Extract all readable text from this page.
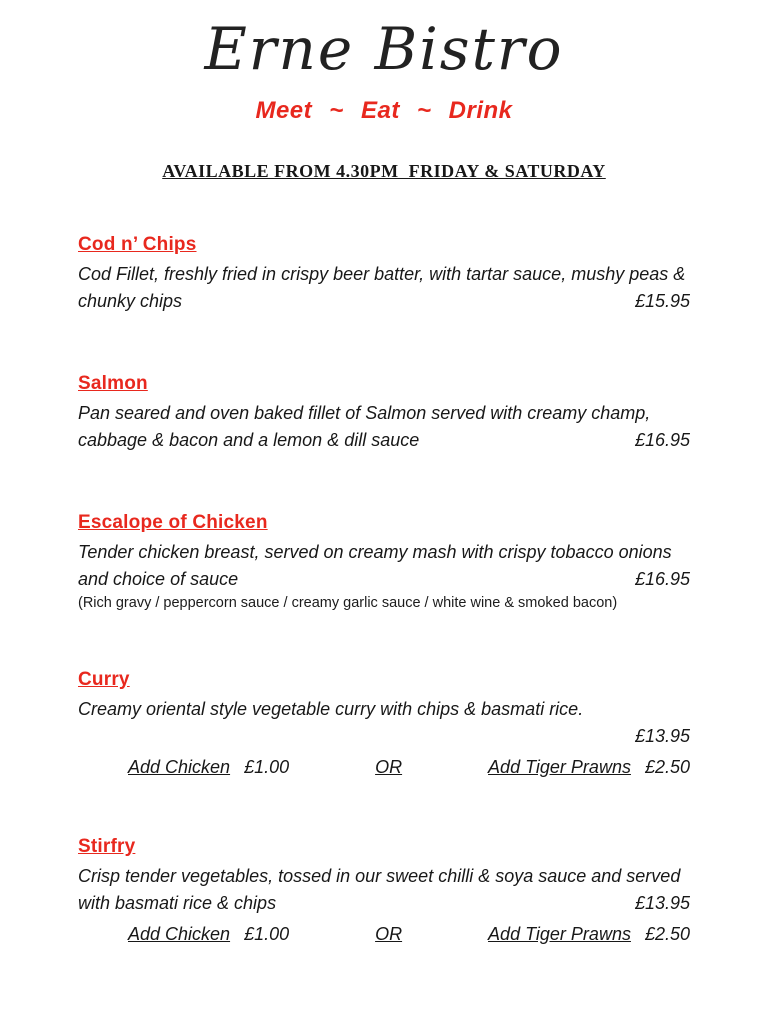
Erne Bistro
Meet ~ Eat ~ Drink
AVAILABLE FROM 4.30PM  FRIDAY & SATURDAY
Cod n’ Chips

Cod Fillet, freshly fried in crispy beer batter, with tartar sauce, mushy peas & chunky chips	£15.95
Salmon

Pan seared and oven baked fillet of Salmon served with creamy champ, cabbage & bacon and a lemon & dill sauce	£16.95
Escalope of Chicken

Tender chicken breast, served on creamy mash with crispy tobacco onions and choice of sauce	£16.95

(Rich gravy / peppercorn sauce / creamy garlic sauce / white wine & smoked bacon)

Curry

Creamy oriental style vegetable curry with chips & basmati rice.

£13.95
Add Chicken £1.00	OR	Add Tiger Prawns £2.50
Stirfry

Crisp tender vegetables, tossed in our sweet chilli & soya sauce and served with basmati rice & chips	£13.95
Add Chicken £1.00	OR	Add Tiger Prawns £2.50
